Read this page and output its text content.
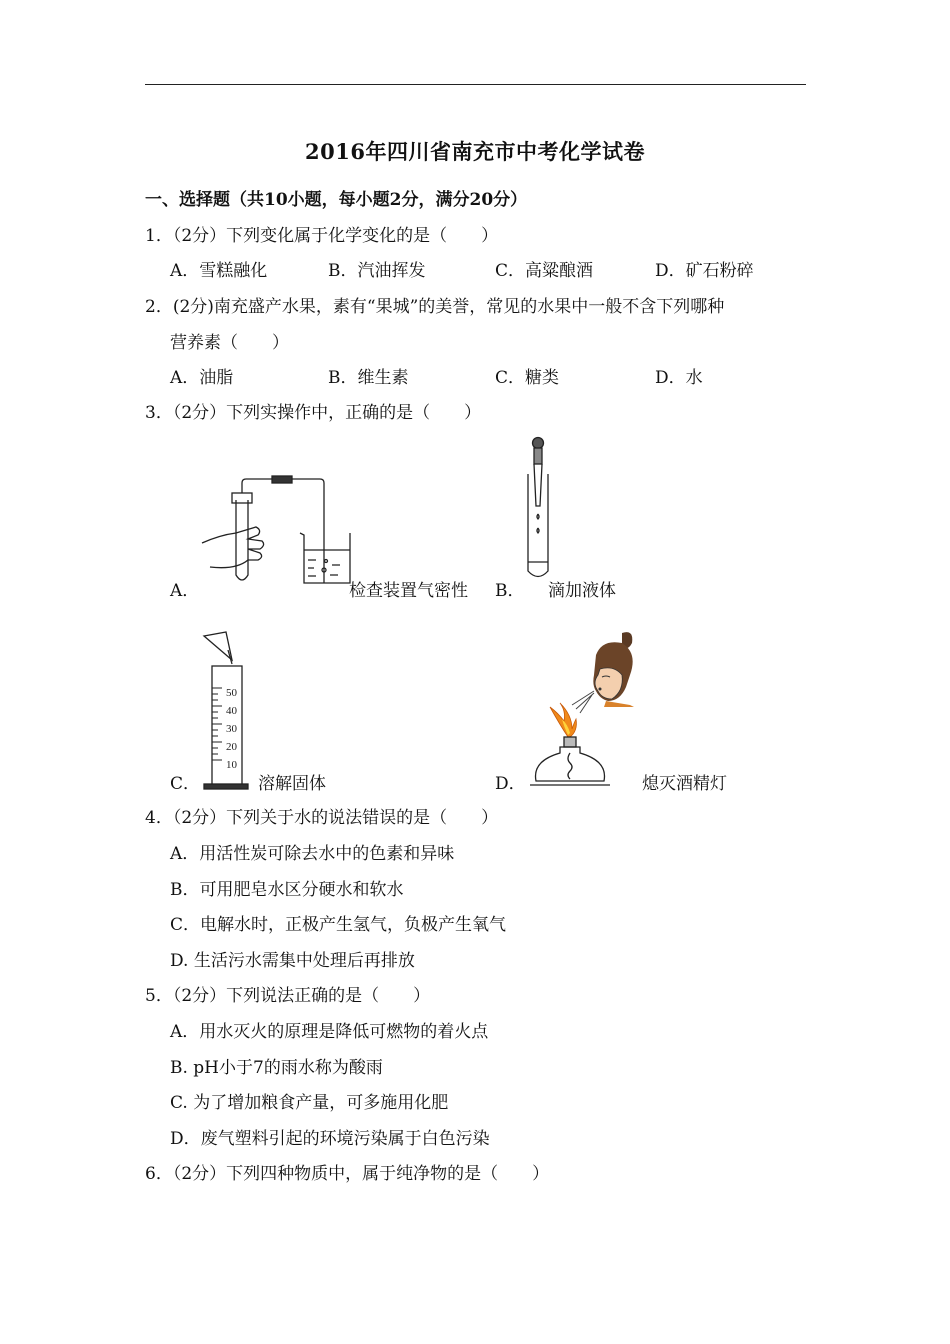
2016年四川省南充市中考化学试卷
一、选择题（共10小题，每小题2分，满分20分）
1．（2分）下列变化属于化学变化的是（　　）
A．雪糕融化	B．汽油挥发	C．高粱酿酒	D．矿石粉碎
2．(2分)南充盛产水果，素有“果城”的美誉，常见的水果中一般不含下列哪种
营养素（　　）
A．油脂	B．维生素	C．糖类	D．水
3．（2分）下列实操作中，正确的是（　　）
A．	检查装置气密性 B． 滴加液体
50
40
30
20
10
C．	溶解固体	D．	熄灭酒精灯
4．（2分）下列关于水的说法错误的是（　　）
A．用活性炭可除去水中的色素和异味
B．可用肥皂水区分硬水和软水
C．电解水时，正极产生氢气，负极产生氧气
D. 生活污水需集中处理后再排放
5．（2分）下列说法正确的是（　　）
A．用水灭火的原理是降低可燃物的着火点
B. pH小于7的雨水称为酸雨
C. 为了增加粮食产量，可多施用化肥
D．废气塑料引起的环境污染属于白色污染
6．（2分）下列四种物质中，属于纯净物的是（　　）
